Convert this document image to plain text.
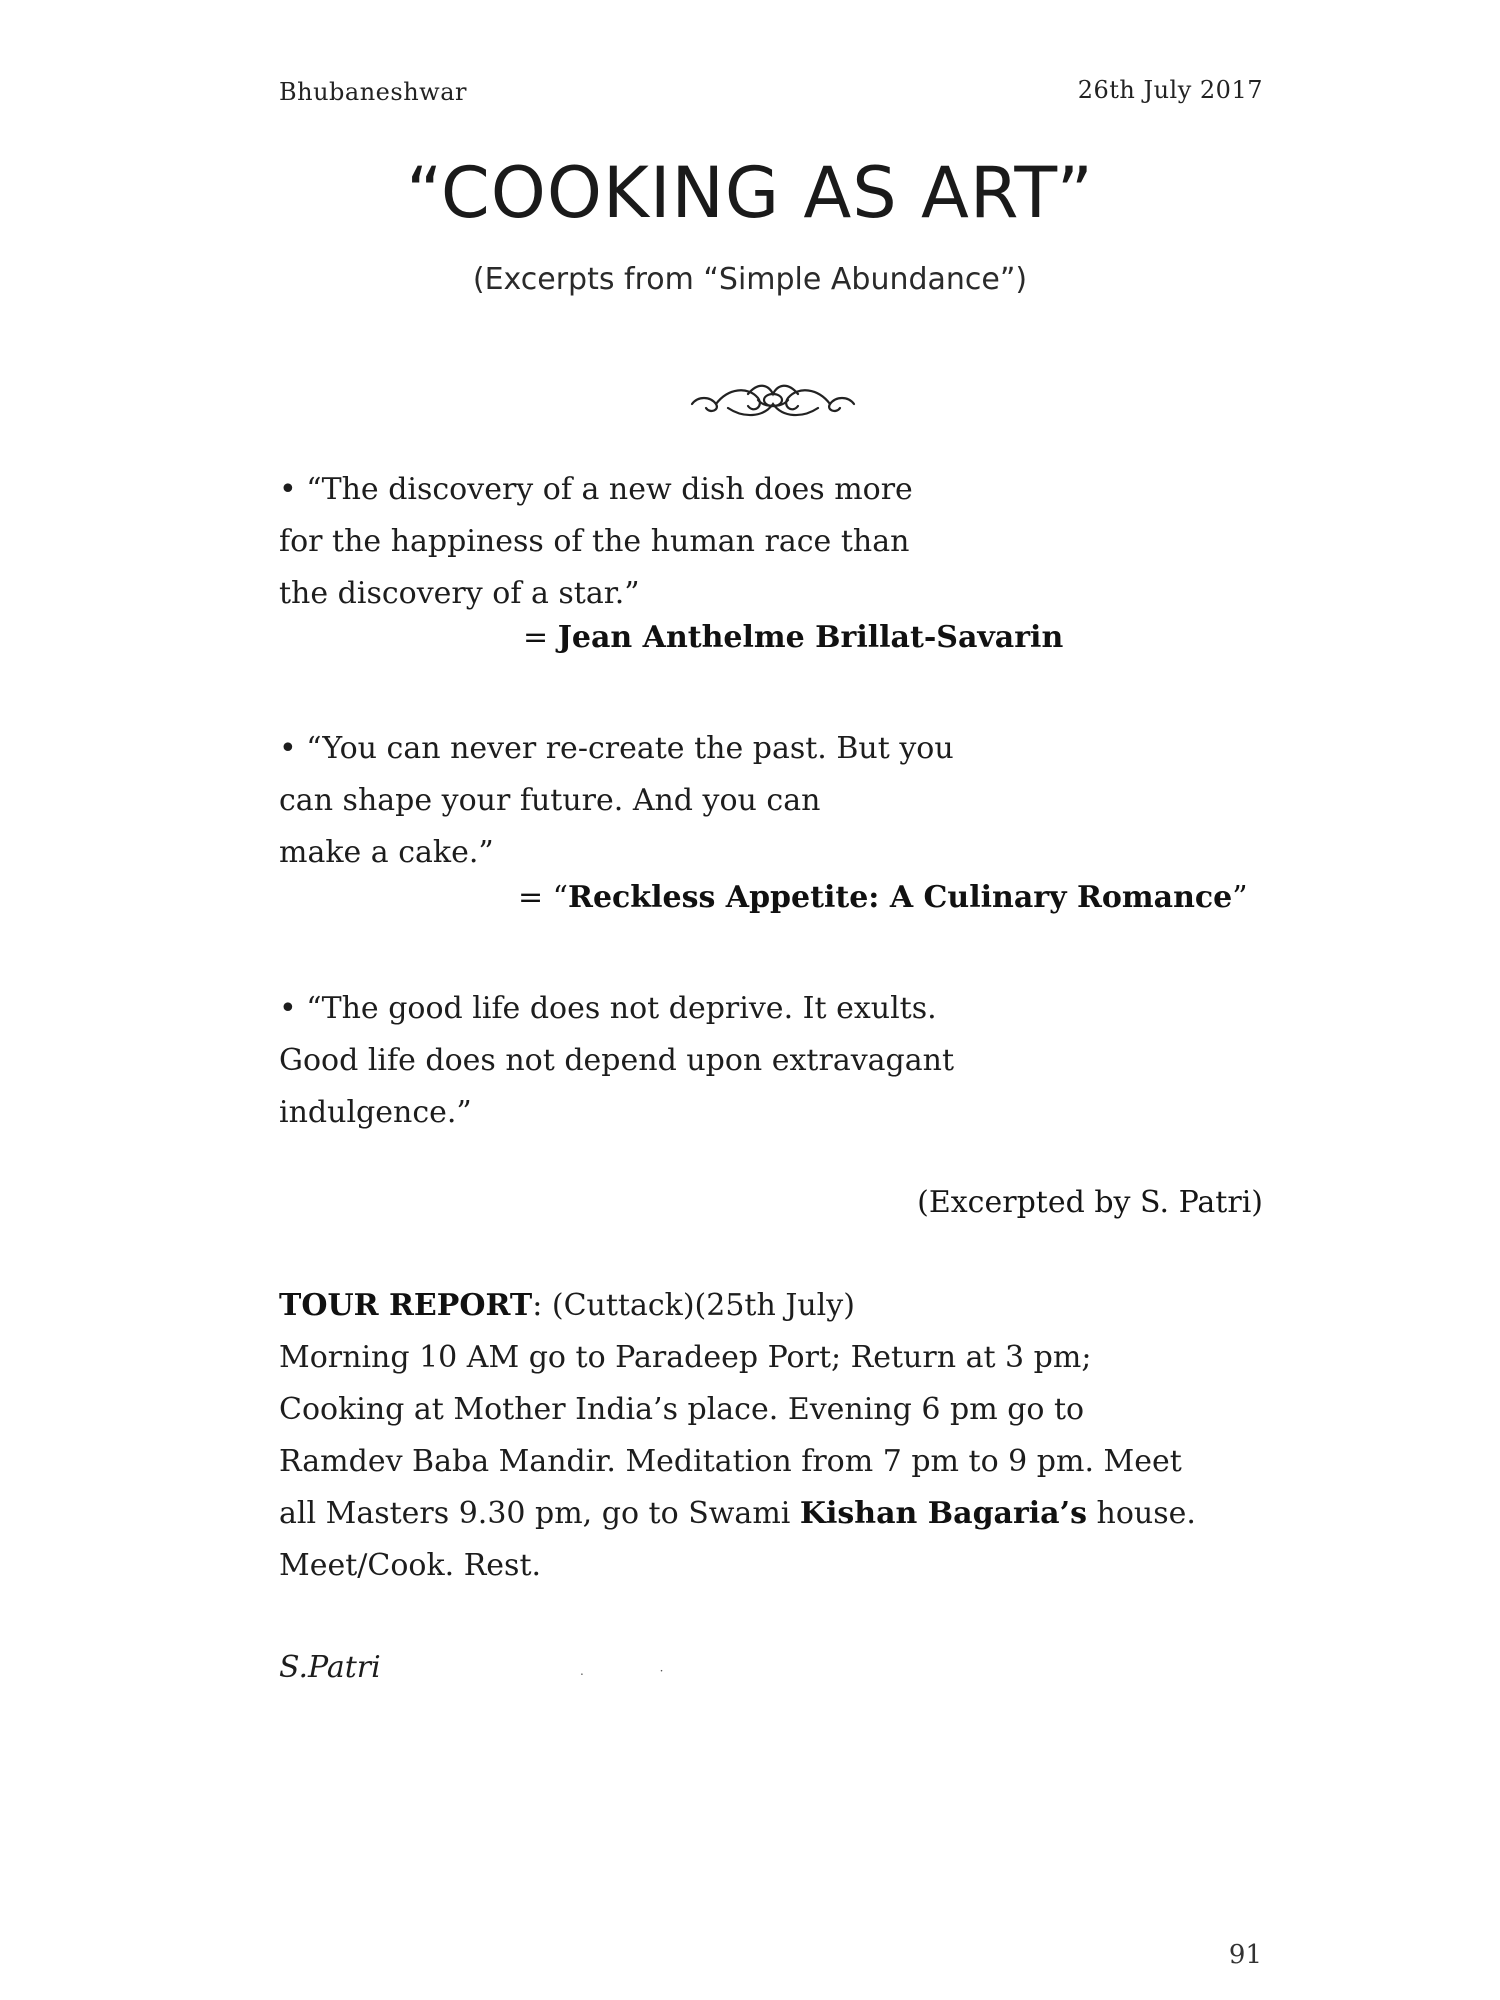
Bhubaneshwar	26th July 2017
“COOKING AS ART”
(Excerpts from “Simple Abundance”)
• “The discovery of a new dish does more
for the happiness of the human race than
the discovery of a star.”
= Jean Anthelme Brillat-Savarin
• “You can never re-create the past. But you
can shape your future. And you can
make a cake.”
= “Reckless Appetite: A Culinary Romance”
• “The good life does not deprive. It exults.
Good life does not depend upon extravagant
indulgence.”
(Excerpted by S. Patri)
TOUR REPORT: (Cuttack)(25th July)
Morning 10 AM go to Paradeep Port; Return at 3 pm;
Cooking at Mother India’s place. Evening 6 pm go to
Ramdev Baba Mandir. Meditation from 7 pm to 9 pm. Meet
all Masters 9.30 pm, go to Swami Kishan Bagaria’s house.
Meet/Cook. Rest.
S.Patri	. ·
91
